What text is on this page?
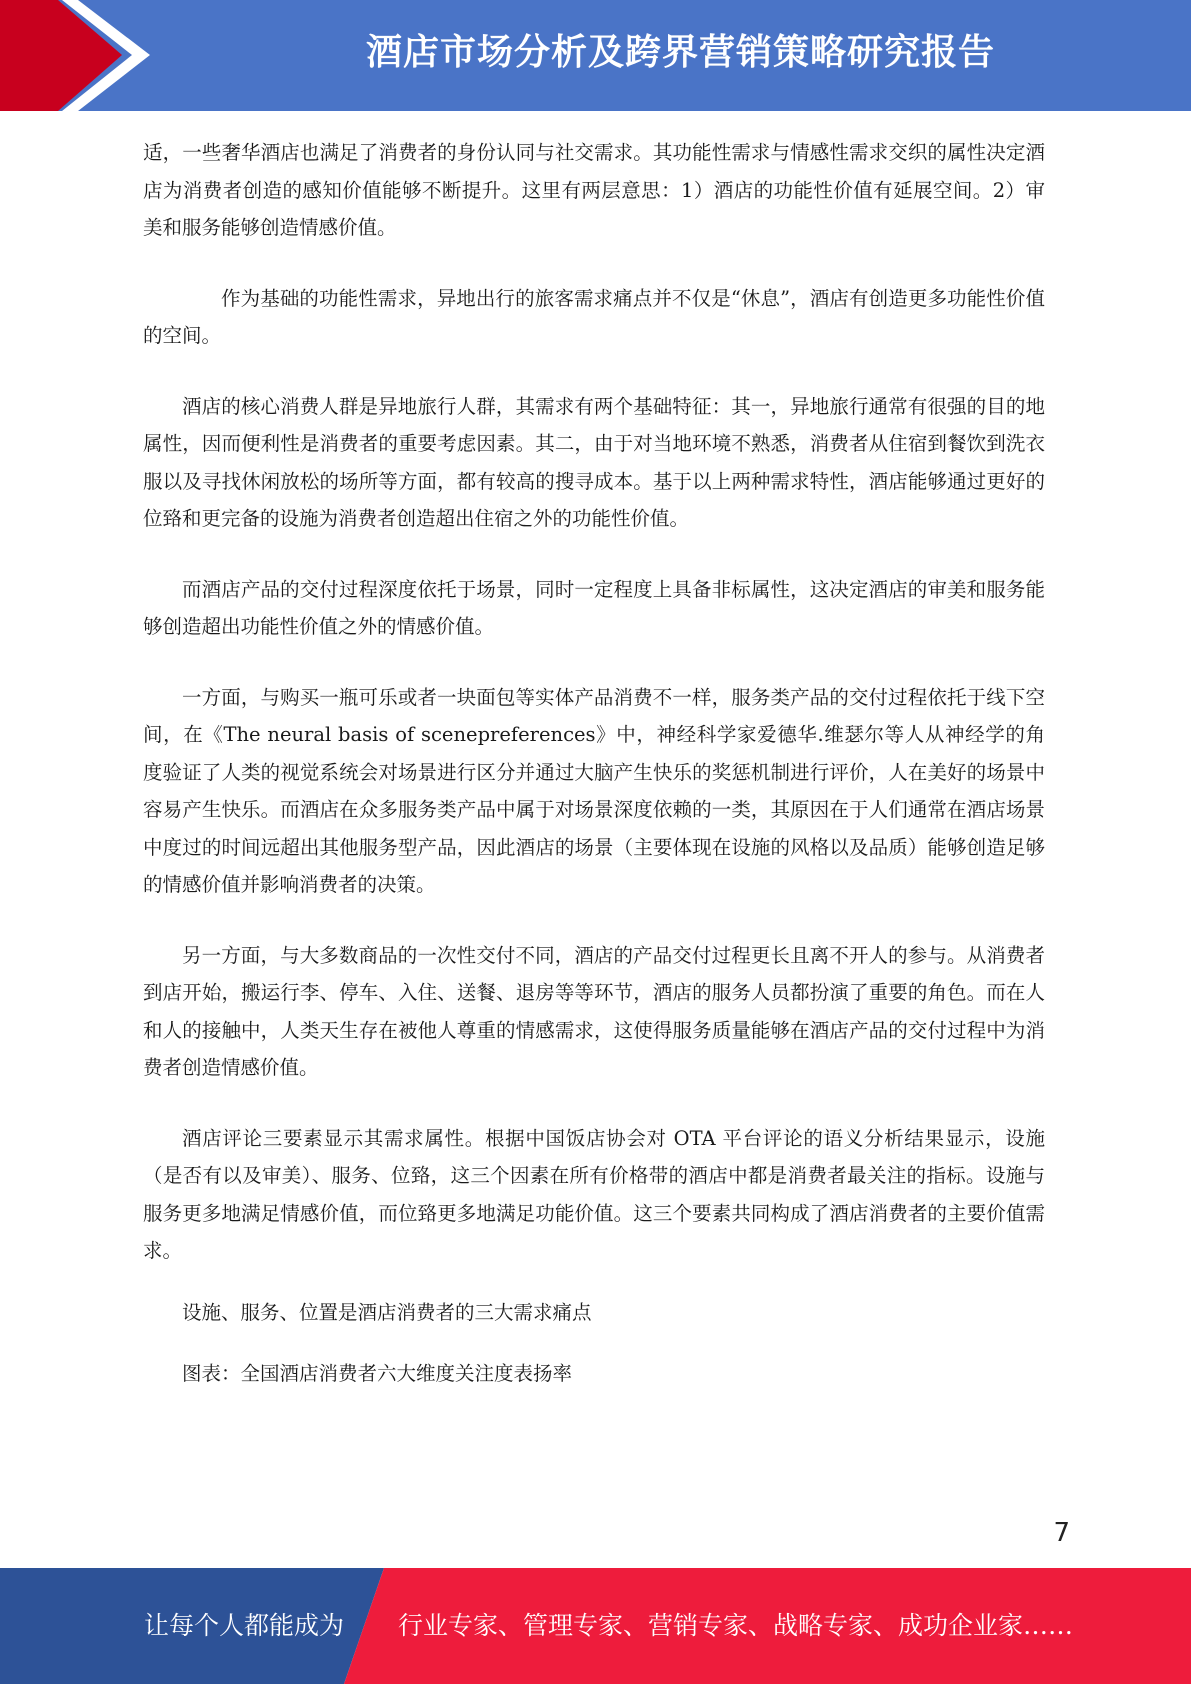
酒店市场分析及跨界营销策略研究报告

适，一些奢华酒店也满足了消费者的身份认同与社交需求。其功能性需求与情感性需求交织的属性决定酒店为消费者创造的感知价值能够不断提升。这里有两层意思：1）酒店的功能性价值有延展空间。2）审美和服务能够创造情感价值。

作为基础的功能性需求，异地出行的旅客需求痛点并不仅是“休息”，酒店有创造更多功能性价值的空间。

酒店的核心消费人群是异地旅行人群，其需求有两个基础特征：其一，异地旅行通常有很强的目的地属性，因而便利性是消费者的重要考虑因素。其二，由于对当地环境不熟悉，消费者从住宿到餐饮到洗衣服以及寻找休闲放松的场所等方面，都有较高的搜寻成本。基于以上两种需求特性，酒店能够通过更好的位臵和更完备的设施为消费者创造超出住宿之外的功能性价值。

而酒店产品的交付过程深度依托于场景，同时一定程度上具备非标属性，这决定酒店的审美和服务能够创造超出功能性价值之外的情感价值。

一方面，与购买一瓶可乐或者一块面包等实体产品消费不一样，服务类产品的交付过程依托于线下空间，在《The neural basis of scenepreferences》中，神经科学家爱德华.维瑟尔等人从神经学的角度验证了人类的视觉系统会对场景进行区分并通过大脑产生快乐的奖惩机制进行评价，人在美好的场景中容易产生快乐。而酒店在众多服务类产品中属于对场景深度依赖的一类，其原因在于人们通常在酒店场景中度过的时间远超出其他服务型产品，因此酒店的场景（主要体现在设施的风格以及品质）能够创造足够的情感价值并影响消费者的决策。

另一方面，与大多数商品的一次性交付不同，酒店的产品交付过程更长且离不开人的参与。从消费者到店开始，搬运行李、停车、入住、送餐、退房等等环节，酒店的服务人员都扮演了重要的角色。而在人和人的接触中，人类天生存在被他人尊重的情感需求，这使得服务质量能够在酒店产品的交付过程中为消费者创造情感价值。

酒店评论三要素显示其需求属性。根据中国饭店协会对 OTA 平台评论的语义分析结果显示，设施（是否有以及审美）、服务、位臵，这三个因素在所有价格带的酒店中都是消费者最关注的指标。设施与服务更多地满足情感价值，而位臵更多地满足功能价值。这三个要素共同构成了酒店消费者的主要价值需求。

设施、服务、位置是酒店消费者的三大需求痛点

图表：全国酒店消费者六大维度关注度表扬率

7
让每个人都能成为 行业专家、管理专家、营销专家、战略专家、成功企业家……
